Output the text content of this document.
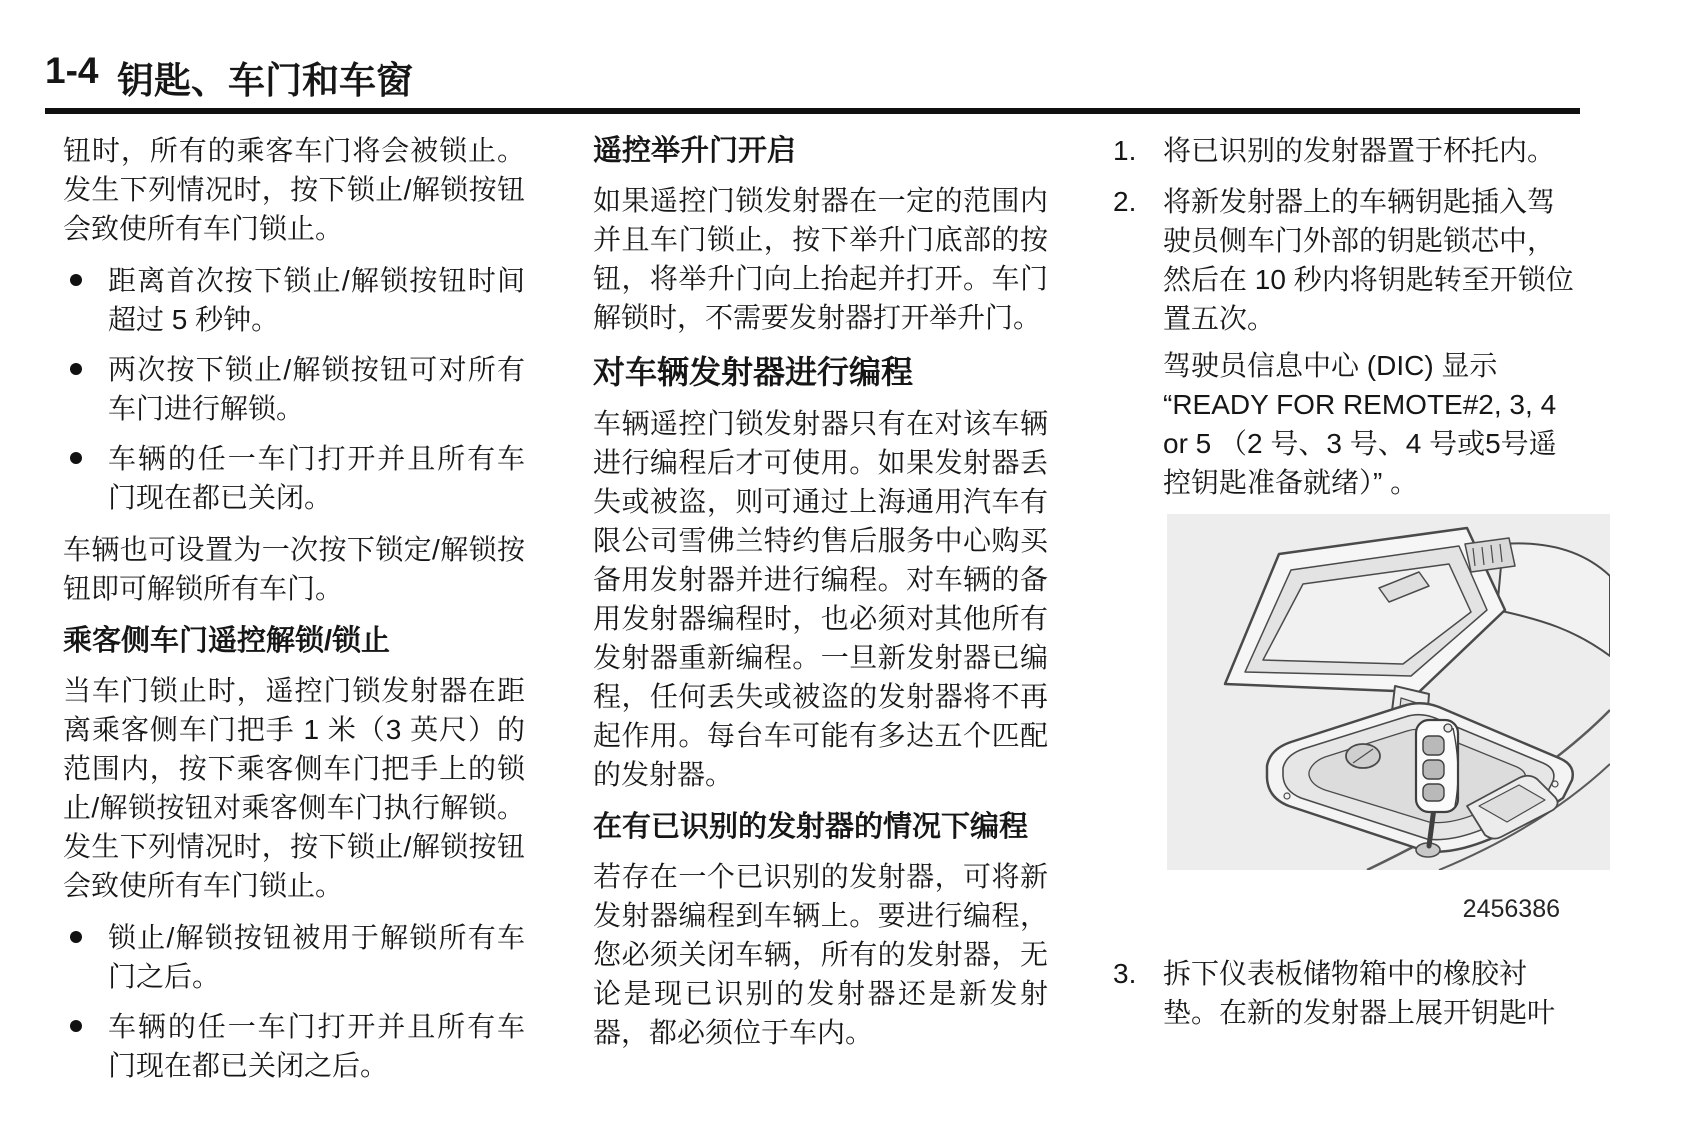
1-4 钥匙、车门和车窗

钮时，所有的乘客车门将会被锁止。发生下列情况时，按下锁止/解锁按钮会致使所有车门锁止。

距离首次按下锁止/解锁按钮时间超过 5 秒钟。
两次按下锁止/解锁按钮可对所有车门进行解锁。
车辆的任一车门打开并且所有车门现在都已关闭。

车辆也可设置为一次按下锁定/解锁按钮即可解锁所有车门。

乘客侧车门遥控解锁/锁止

当车门锁止时，遥控门锁发射器在距离乘客侧车门把手 1 米（3 英尺）的范围内，按下乘客侧车门把手上的锁止/解锁按钮对乘客侧车门执行解锁。发生下列情况时，按下锁止/解锁按钮会致使所有车门锁止。

锁止/解锁按钮被用于解锁所有车门之后。
车辆的任一车门打开并且所有车门现在都已关闭之后。
遥控举升门开启

如果遥控门锁发射器在一定的范围内并且车门锁止，按下举升门底部的按钮，将举升门向上抬起并打开。车门解锁时，不需要发射器打开举升门。

对车辆发射器进行编程

车辆遥控门锁发射器只有在对该车辆进行编程后才可使用。如果发射器丢失或被盗，则可通过上海通用汽车有限公司雪佛兰特约售后服务中心购买备用发射器并进行编程。对车辆的备用发射器编程时，也必须对其他所有发射器重新编程。一旦新发射器已编程，任何丢失或被盗的发射器将不再起作用。每台车可能有多达五个匹配的发射器。

在有已识别的发射器的情况下编程

若存在一个已识别的发射器，可将新发射器编程到车辆上。要进行编程，您必须关闭车辆，所有的发射器，无论是现已识别的发射器还是新发射器，都必须位于车内。

1. 将已识别的发射器置于杯托内。
2. 将新发射器上的车辆钥匙插入驾驶员侧车门外部的钥匙锁芯中，然后在 10 秒内将钥匙转至开锁位置五次。
驾驶员信息中心 (DIC) 显示 “READY FOR REMOTE#2, 3, 4 or 5 （2 号、3 号、4 号或5号遥控钥匙准备就绪）” 。
2456386
3. 拆下仪表板储物箱中的橡胶衬垫。在新的发射器上展开钥匙叶
